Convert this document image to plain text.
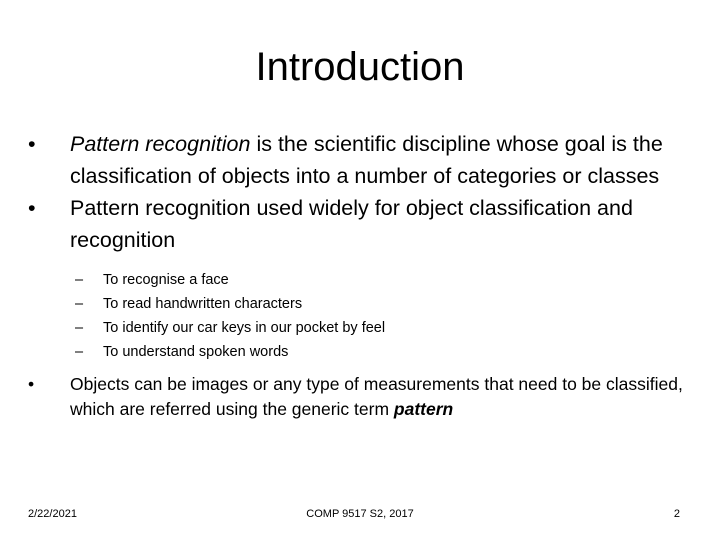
Introduction
•	Pattern recognition is the scientific discipline whose goal is the classification of objects into a number of categories or classes
•	Pattern recognition used widely for object classification and recognition
– To recognise a face
– To read handwritten characters
– To identify our car keys in our pocket by feel
– To understand spoken words
•	Objects can be images or any type of measurements that need to be classified, which are referred using the generic term pattern
2/22/2021	COMP 9517 S2, 2017	2
